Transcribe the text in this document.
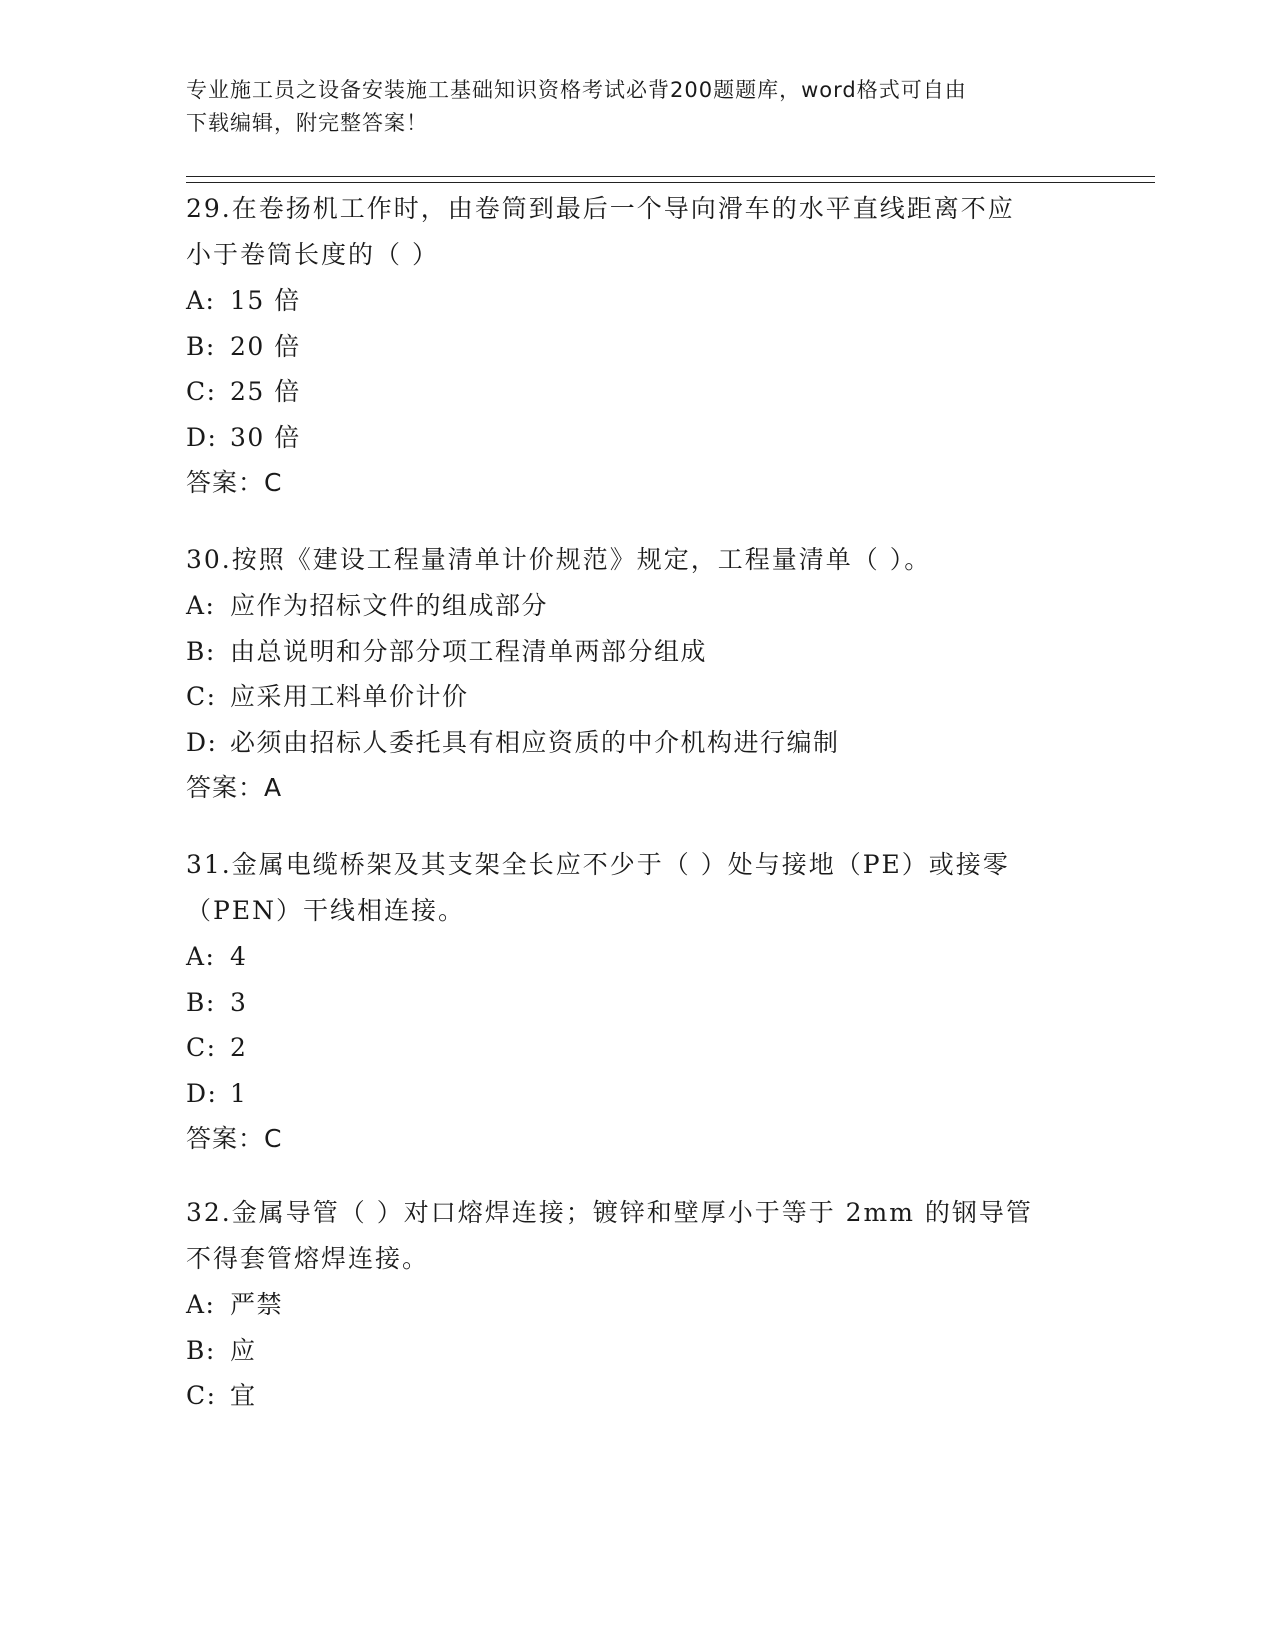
专业施工员之设备安装施工基础知识资格考试必背200题题库，word格式可自由
下载编辑，附完整答案！
29.在卷扬机工作时，由卷筒到最后一个导向滑车的水平直线距离不应
小于卷筒长度的（ ）
A: 15 倍
B: 20 倍
C: 25 倍
D: 30 倍
答案：C
30.按照《建设工程量清单计价规范》规定，工程量清单（ ）。
A: 应作为招标文件的组成部分
B: 由总说明和分部分项工程清单两部分组成
C: 应采用工料单价计价
D: 必须由招标人委托具有相应资质的中介机构进行编制
答案：A
31.金属电缆桥架及其支架全长应不少于（ ）处与接地（PE）或接零
（PEN）干线相连接。
A: 4
B: 3
C: 2
D: 1
答案：C
32.金属导管（ ）对口熔焊连接；镀锌和壁厚小于等于 2mm 的钢导管
不得套管熔焊连接。
A: 严禁
B: 应
C: 宜
